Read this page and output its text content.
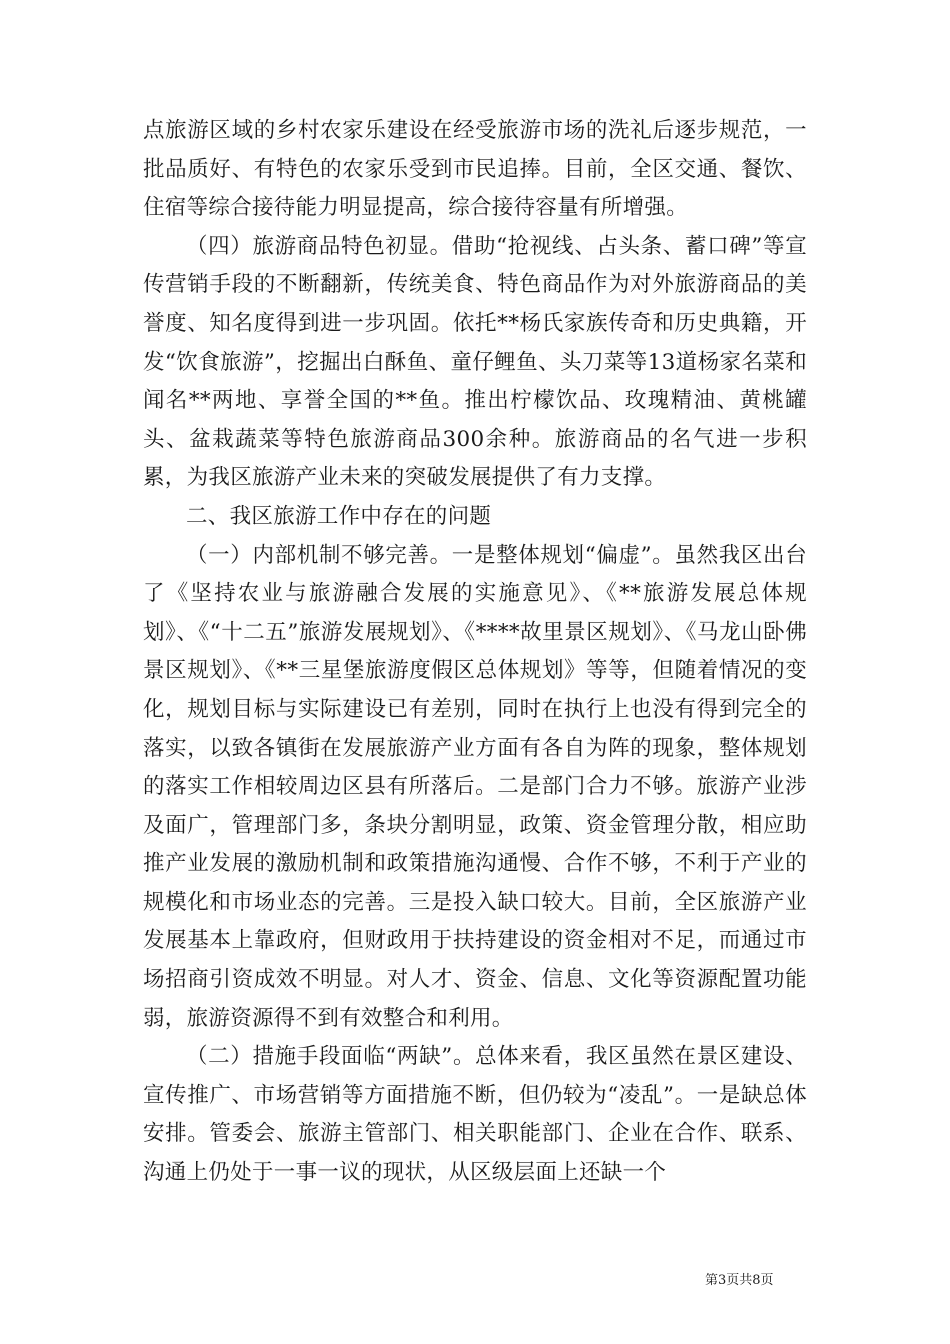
点旅游区域的乡村农家乐建设在经受旅游市场的洗礼后逐步规范，一批品质好、有特色的农家乐受到市民追捧。目前，全区交通、餐饮、住宿等综合接待能力明显提高，综合接待容量有所增强。

（四）旅游商品特色初显。借助“抢视线、占头条、蓄口碑”等宣传营销手段的不断翻新，传统美食、特色商品作为对外旅游商品的美誉度、知名度得到进一步巩固。依托**杨氏家族传奇和历史典籍，开发“饮食旅游”，挖掘出白酥鱼、童仔鲤鱼、头刀菜等13道杨家名菜和闻名**两地、享誉全国的**鱼。推出柠檬饮品、玫瑰精油、黄桃罐头、盆栽蔬菜等特色旅游商品300余种。旅游商品的名气进一步积累，为我区旅游产业未来的突破发展提供了有力支撑。

二、我区旅游工作中存在的问题

（一）内部机制不够完善。一是整体规划“偏虚”。虽然我区出台了《坚持农业与旅游融合发展的实施意见》、《**旅游发展总体规划》、《“十二五”旅游发展规划》、《****故里景区规划》、《马龙山卧佛景区规划》、《**三星堡旅游度假区总体规划》等等，但随着情况的变化，规划目标与实际建设已有差别，同时在执行上也没有得到完全的落实，以致各镇街在发展旅游产业方面有各自为阵的现象，整体规划的落实工作相较周边区县有所落后。二是部门合力不够。旅游产业涉及面广，管理部门多，条块分割明显，政策、资金管理分散，相应助推产业发展的激励机制和政策措施沟通慢、合作不够，不利于产业的规模化和市场业态的完善。三是投入缺口较大。目前，全区旅游产业发展基本上靠政府，但财政用于扶持建设的资金相对不足，而通过市场招商引资成效不明显。对人才、资金、信息、文化等资源配置功能弱，旅游资源得不到有效整合和利用。

（二）措施手段面临“两缺”。总体来看，我区虽然在景区建设、宣传推广、市场营销等方面措施不断，但仍较为“凌乱”。一是缺总体安排。管委会、旅游主管部门、相关职能部门、企业在合作、联系、沟通上仍处于一事一议的现状，从区级层面上还缺一个

第3页共8页
